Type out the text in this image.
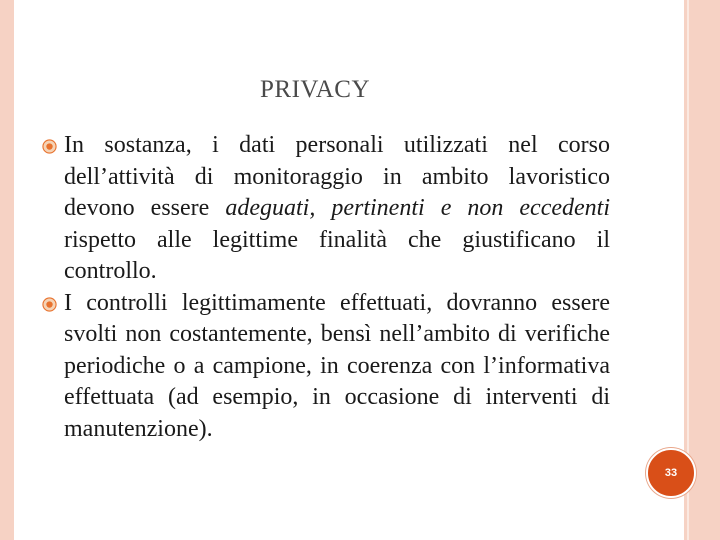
PRIVACY
In sostanza, i dati personali utilizzati nel corso dell’attività di monitoraggio in ambito lavoristico devono essere adeguati, pertinenti e non eccedenti rispetto alle legittime finalità che giustificano il controllo.
I controlli legittimamente effettuati, dovranno essere svolti non costantemente, bensì nell’ambito di verifiche periodiche o a campione, in coerenza con l’informativa effettuata (ad esempio, in occasione di interventi di manutenzione).
33
